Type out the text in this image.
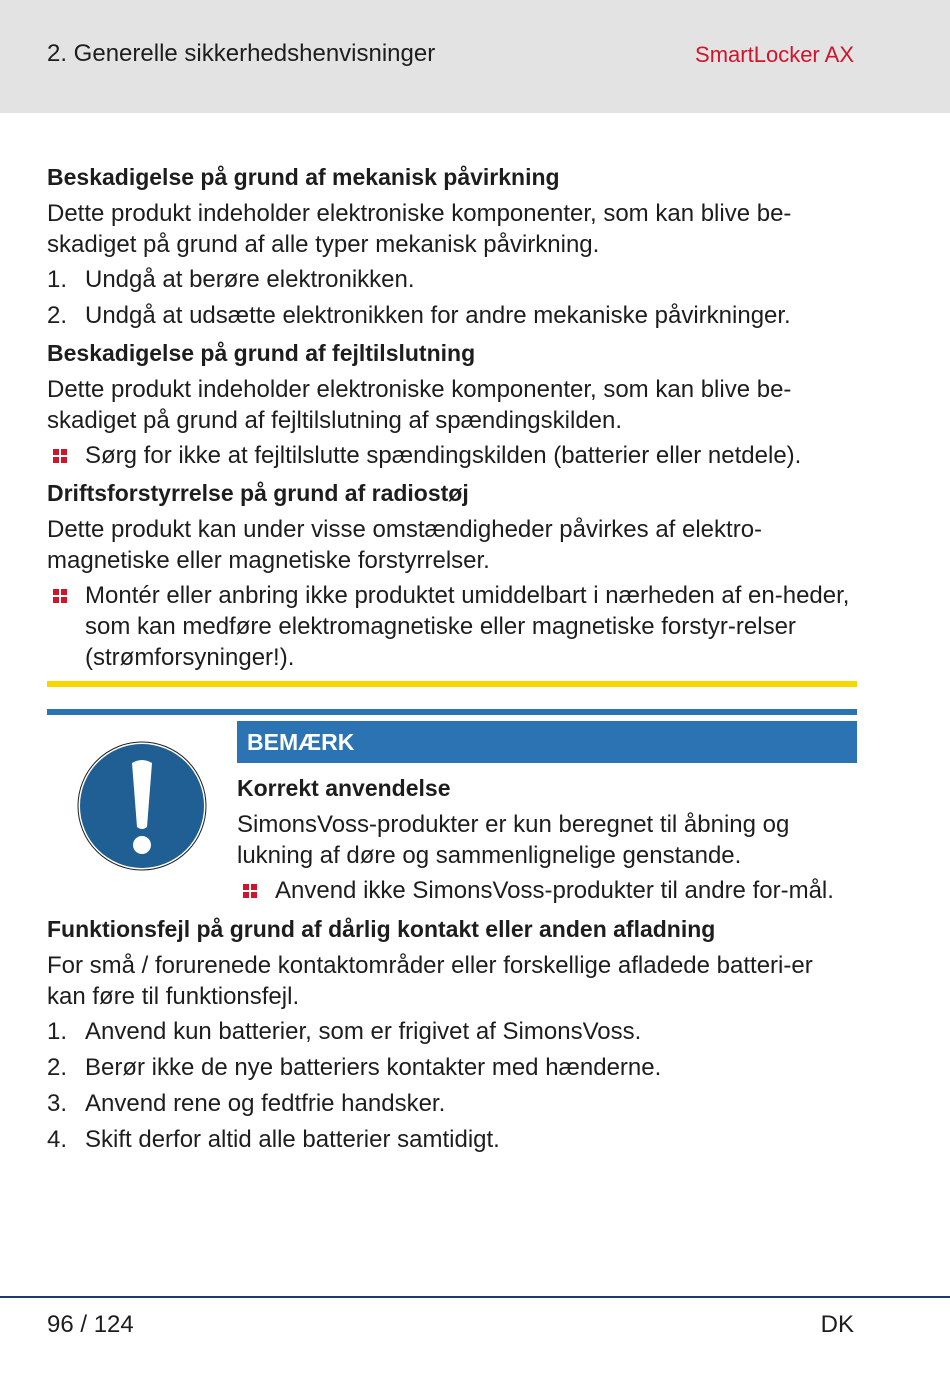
2. Generelle sikkerhedshenvisninger	SmartLocker AX
Beskadigelse på grund af mekanisk påvirkning

Dette produkt indeholder elektroniske komponenter, som kan blive be-skadiget på grund af alle typer mekanisk påvirkning.

1. Undgå at berøre elektronikken.
2. Undgå at udsætte elektronikken for andre mekaniske påvirkninger.
Beskadigelse på grund af fejltilslutning

Dette produkt indeholder elektroniske komponenter, som kan blive be-skadiget på grund af fejltilslutning af spændingskilden.

Sørg for ikke at fejltilslutte spændingskilden (batterier eller netdele).
Driftsforstyrrelse på grund af radiostøj

Dette produkt kan under visse omstændigheder påvirkes af elektro-magnetiske eller magnetiske forstyrrelser.

Montér eller anbring ikke produktet umiddelbart i nærheden af en-heder, som kan medføre elektromagnetiske eller magnetiske forstyr-relser (strømforsyninger!).
BEMÆRK
Korrekt anvendelse

SimonsVoss-produkter er kun beregnet til åbning og lukning af døre og sammenlignelige genstande.

Anvend ikke SimonsVoss-produkter til andre for-mål.
Funktionsfejl på grund af dårlig kontakt eller anden afladning

For små / forurenede kontaktområder eller forskellige afladede batteri-er kan føre til funktionsfejl.

1. Anvend kun batterier, som er frigivet af SimonsVoss.
2. Berør ikke de nye batteriers kontakter med hænderne.
3. Anvend rene og fedtfrie handsker.
4. Skift derfor altid alle batterier samtidigt.
96 / 124	DK
